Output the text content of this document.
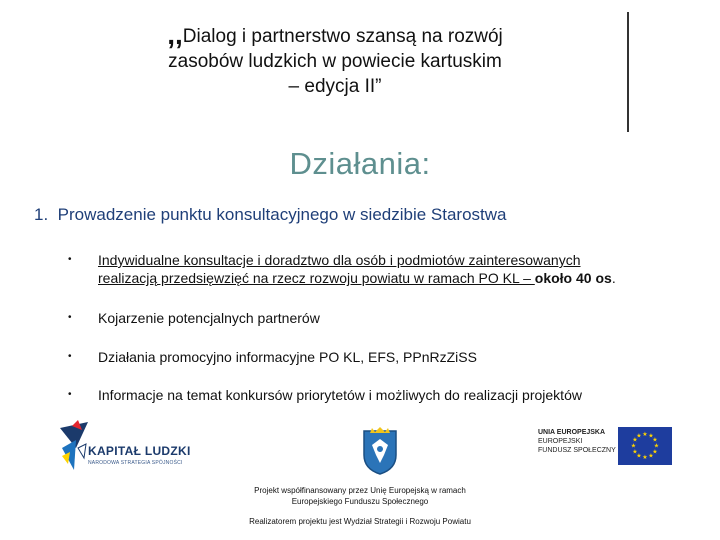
,,Dialog i partnerstwo szansą na rozwój
zasobów ludzkich w powiecie kartuskim
– edycja II”
Działania:
1. Prowadzenie punktu konsultacyjnego w siedzibie Starostwa
• Indywidualne konsultacje i doradztwo dla osób i podmiotów zainteresowanych
realizacją przedsięwzięć na rzecz rozwoju powiatu w ramach PO KL – około 40 os.
• Kojarzenie potencjalnych partnerów
• Działania promocyjno informacyjne PO KL, EFS, PPnRzZiSS
• Informacje na temat konkursów priorytetów i możliwych do realizacji projektów
KAPITAŁ LUDZKI
NARODOWA STRATEGIA SPÓJNOŚCI
UNIA EUROPEJSKA
EUROPEJSKI
FUNDUSZ SPOŁECZNY
★ ★
★
★
★
★
★
★
★
★
★
★
Projekt współfinansowany przez Unię Europejską w ramach
Europejskiego Funduszu Społecznego
Realizatorem projektu jest Wydział Strategii i Rozwoju Powiatu
